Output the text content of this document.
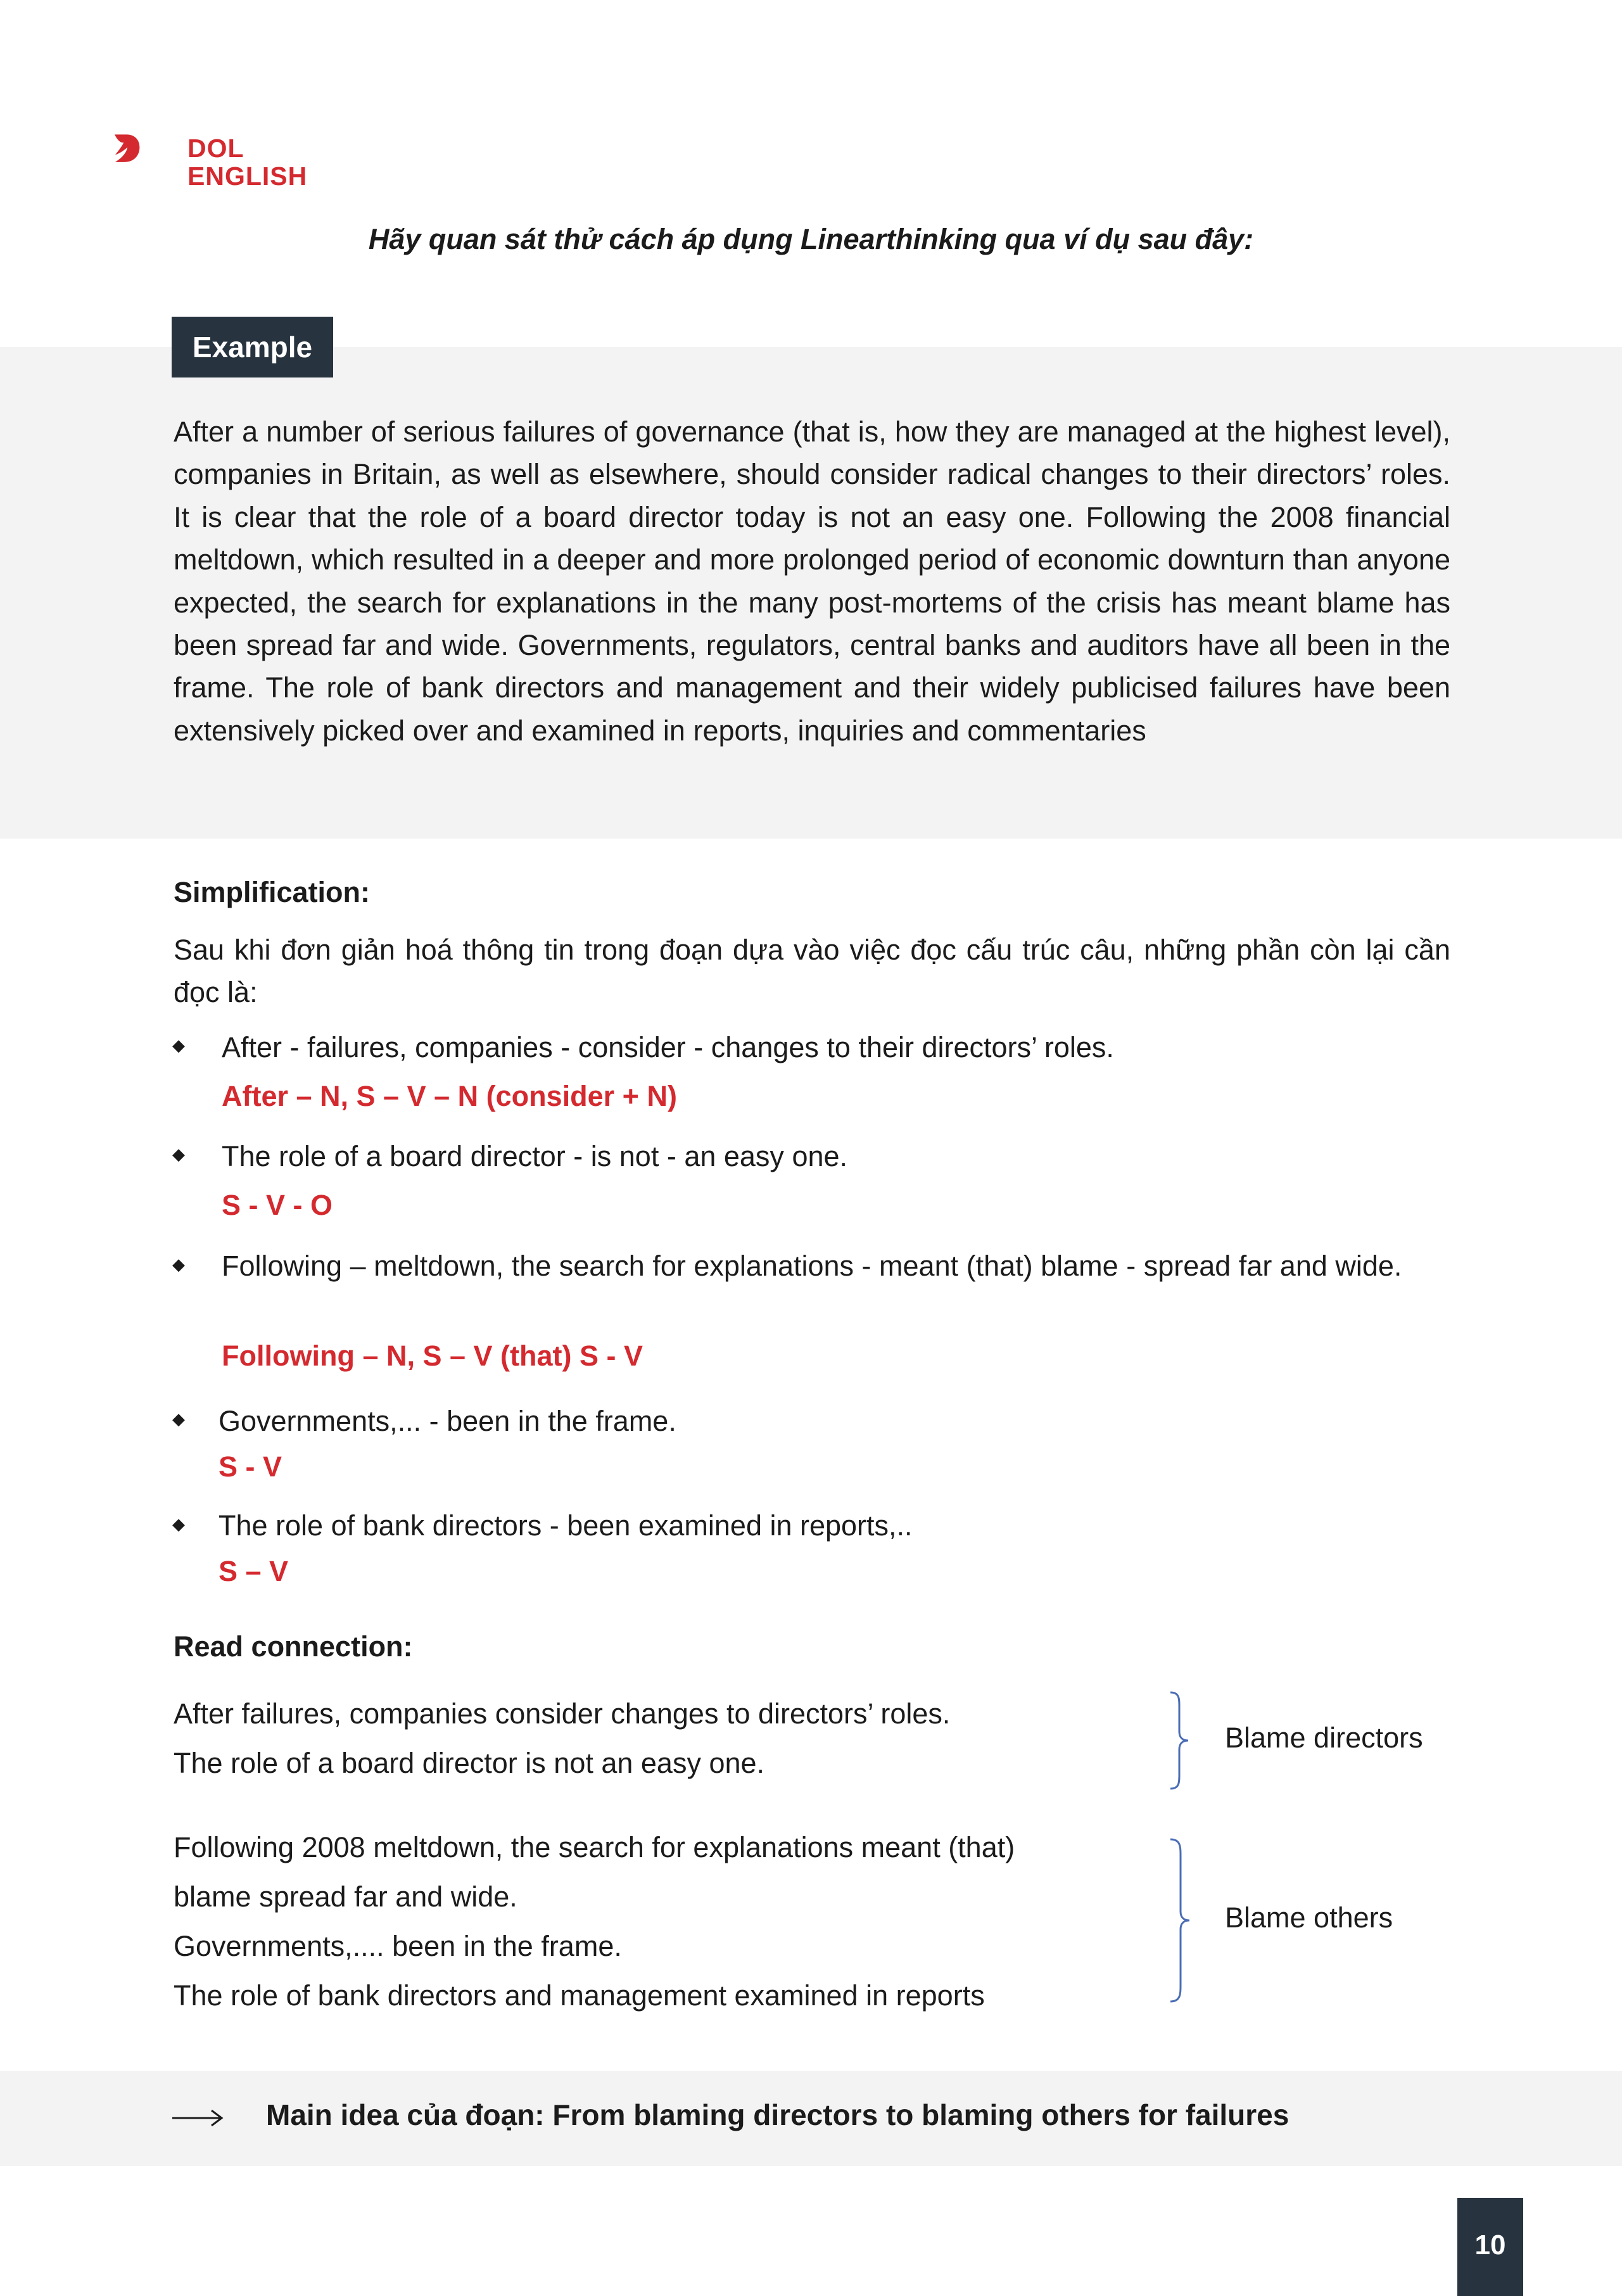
DOL
ENGLISH
Hãy quan sát thử cách áp dụng Linearthinking qua ví dụ sau đây:
Example
After a number of serious failures of governance (that is, how they are managed at the highest level), companies in Britain, as well as elsewhere, should consider radical changes to their directors’ roles. It is clear that the role of a board director today is not an easy one. Following the 2008 financial meltdown, which resulted in a deeper and more prolonged period of economic downturn than anyone expected, the search for explanations in the many post-mortems of the crisis has meant blame has been spread far and wide. Governments, regulators, central banks and auditors have all been in the frame. The role of bank directors and management and their widely publicised failures have been extensively picked over and examined in reports, inquiries and commentaries
Simplification:
Sau khi đơn giản hoá thông tin trong đoạn dựa vào việc đọc cấu trúc câu, những phần còn lại cần đọc là:
◆ After - failures, companies - consider - changes to their directors’ roles.
After – N, S – V – N (consider + N)
◆ The role of a board director - is not - an easy one.
S - V - O
◆ Following – meltdown, the search for explanations - meant (that) blame - spread far and wide.
Following – N, S – V (that) S - V
◆ Governments,... - been in the frame.
S - V
◆ The role of bank directors - been examined in reports,..
S – V
Read connection:
After failures, companies consider changes to directors’ roles.
The role of a board director is not an easy one.
Blame directors
Following 2008 meltdown, the search for explanations meant (that)
blame spread far and wide.
Governments,.... been in the frame.
The role of bank directors and management examined in reports
Blame others
Main idea của đoạn: From blaming directors to blaming others for failures
10
